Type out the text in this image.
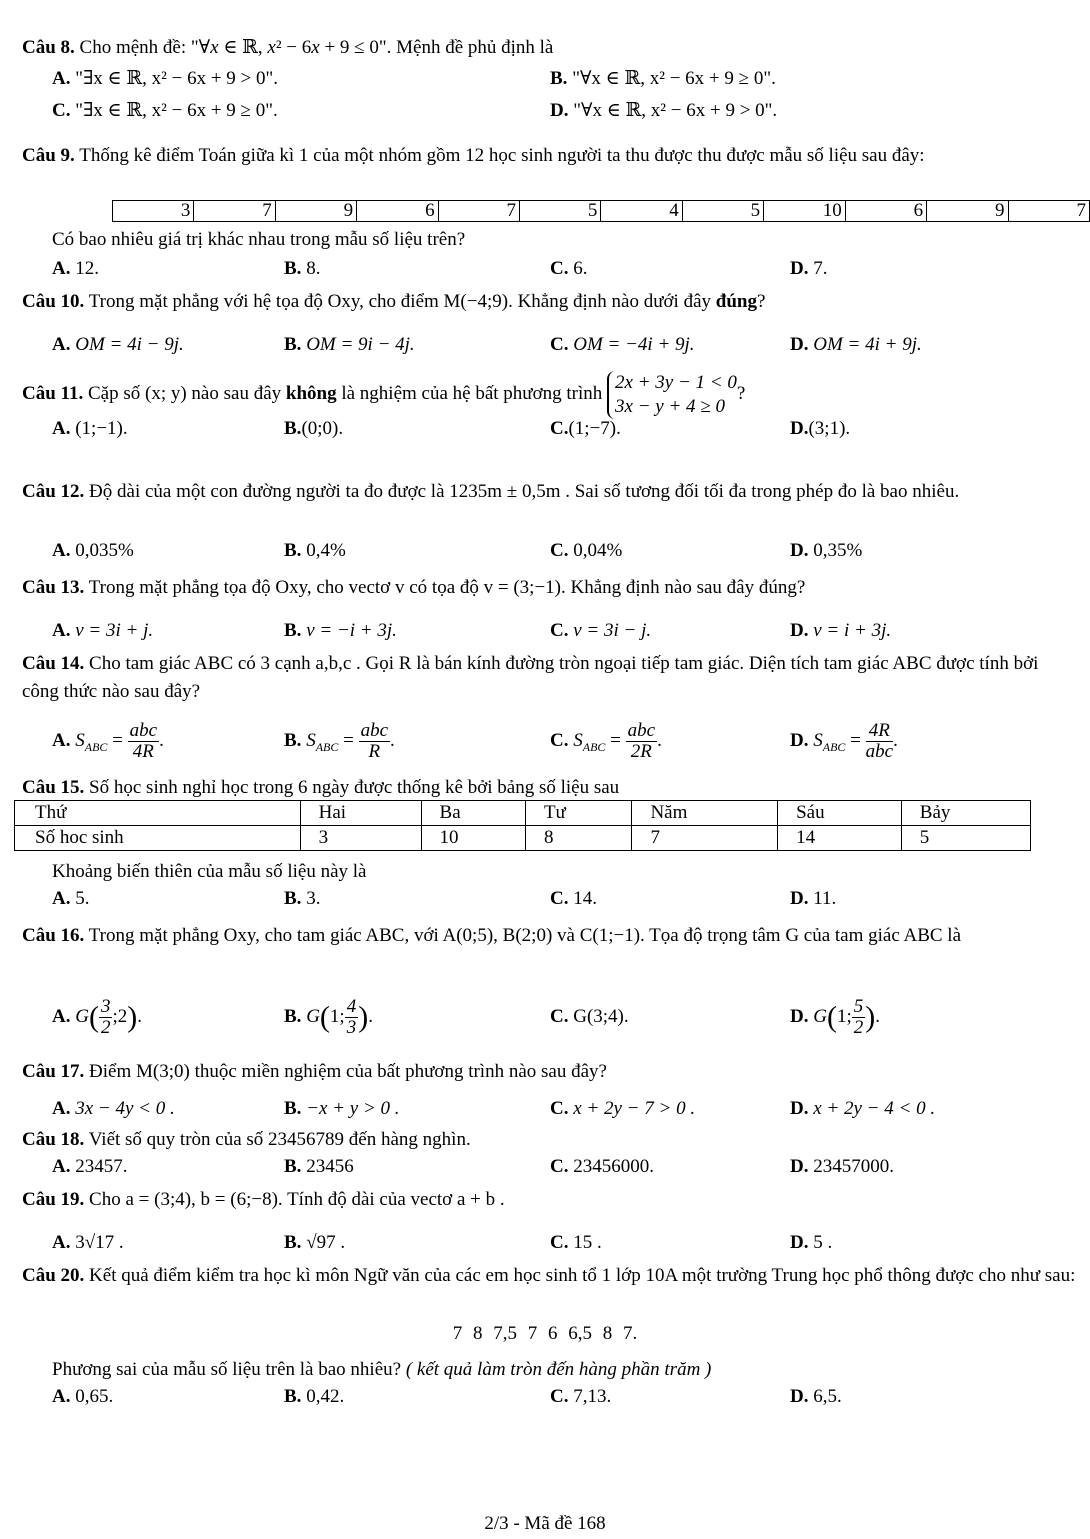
Câu 8. Cho mệnh đề: "∀x ∈ ℝ, x² − 6x + 9 ≤ 0". Mệnh đề phủ định là
A. "∃x ∈ ℝ, x² − 6x + 9 > 0".	B. "∀x ∈ ℝ, x² − 6x + 9 ≥ 0".
C. "∃x ∈ ℝ, x² − 6x + 9 ≥ 0".	D. "∀x ∈ ℝ, x² − 6x + 9 > 0".
Câu 9. Thống kê điểm Toán giữa kì 1 của một nhóm gồm 12 học sinh người ta thu được thu được mẫu số liệu sau đây:
3	7	9	6	7	5	4	5	10	6	9	7
Có bao nhiêu giá trị khác nhau trong mẫu số liệu trên?
A. 12.	B. 8.	C. 6.	D. 7.
Câu 10. Trong mặt phẳng với hệ tọa độ Oxy, cho điểm M(−4;9). Khẳng định nào dưới đây đúng?
A. OM = 4i − 9j.	B. OM = 9i − 4j.	C. OM = −4i + 9j.	D. OM = 4i + 9j.
Câu 11. Cặp số (x; y) nào sau đây không là nghiệm của hệ bất phương trình
2x + 3y − 1 < 0
3x − y + 4 ≥ 0
?
A. (1;−1).	B.(0;0).	C.(1;−7).	D.(3;1).
Câu 12. Độ dài của một con đường người ta đo được là 1235m ± 0,5m . Sai số tương đối tối đa trong phép đo là bao nhiêu.
A. 0,035%	B. 0,4%	C. 0,04%	D. 0,35%
Câu 13. Trong mặt phẳng tọa độ Oxy, cho vectơ v có tọa độ v = (3;−1). Khẳng định nào sau đây đúng?
A. v = 3i + j.	B. v = −i + 3j.	C. v = 3i − j.	D. v = i + 3j.
Câu 14. Cho tam giác ABC có 3 cạnh a,b,c . Gọi R là bán kính đường tròn ngoại tiếp tam giác. Diện tích tam giác ABC được tính bởi công thức nào sau đây?
A. $S_{ABC} = \frac{\text{abc}}{4R}$ .	B. $S_{ABC} = \frac{\text{abc}}{R}$ .	C. $S_{ABC} = \frac{\text{abc}}{2R}$ .	D. $S_{ABC} = \frac{4R}{\text{abc}}$ .
Câu 15. Số học sinh nghỉ học trong 6 ngày được thống kê bởi bảng số liệu sau
Thứ	Hai	Ba	Tư	Năm	Sáu	Bảy
Số hoc sinh	3	10	8	7	14	5
Khoảng biến thiên của mẫu số liệu này là
A. 5.	B. 3.	C. 14.	D. 11.
Câu 16. Trong mặt phẳng Oxy, cho tam giác ABC, với A(0;5), B(2;0) và C(1;−1). Tọa độ trọng tâm G của tam giác ABC là
A. $G( \frac{3}{2}$ ;2).	B. G(1; $\frac{4}{3}$ ).	C. G(3;4).	D. G(1; $\frac{5}{2}$ ).
Câu 17. Điểm M(3;0) thuộc miền nghiệm của bất phương trình nào sau đây?
A. 3x − 4y < 0 .	B. −x + y > 0 .	C. x + 2y − 7 > 0 .	D. x + 2y − 4 < 0 .
Câu 18. Viết số quy tròn của số 23456789 đến hàng nghìn.
A. 23457.	B. 23456	C. 23456000.	D. 23457000.
Câu 19. Cho a = (3;4), b = (6;−8). Tính độ dài của vectơ a + b .
A. 3√17 .	B. √97 .	C. 15 .	D. 5 .
Câu 20. Kết quả điểm kiểm tra học kì môn Ngữ văn của các em học sinh tổ 1 lớp 10A một trường Trung học phổ thông được cho như sau:
7 8 7,5 7 6 6,5 8 7.
Phương sai của mẫu số liệu trên là bao nhiêu? ( kết quả làm tròn đến hàng phần trăm )
A. 0,65.	B. 0,42.	C. 7,13.	D. 6,5.
2/3 - Mã đề 168
